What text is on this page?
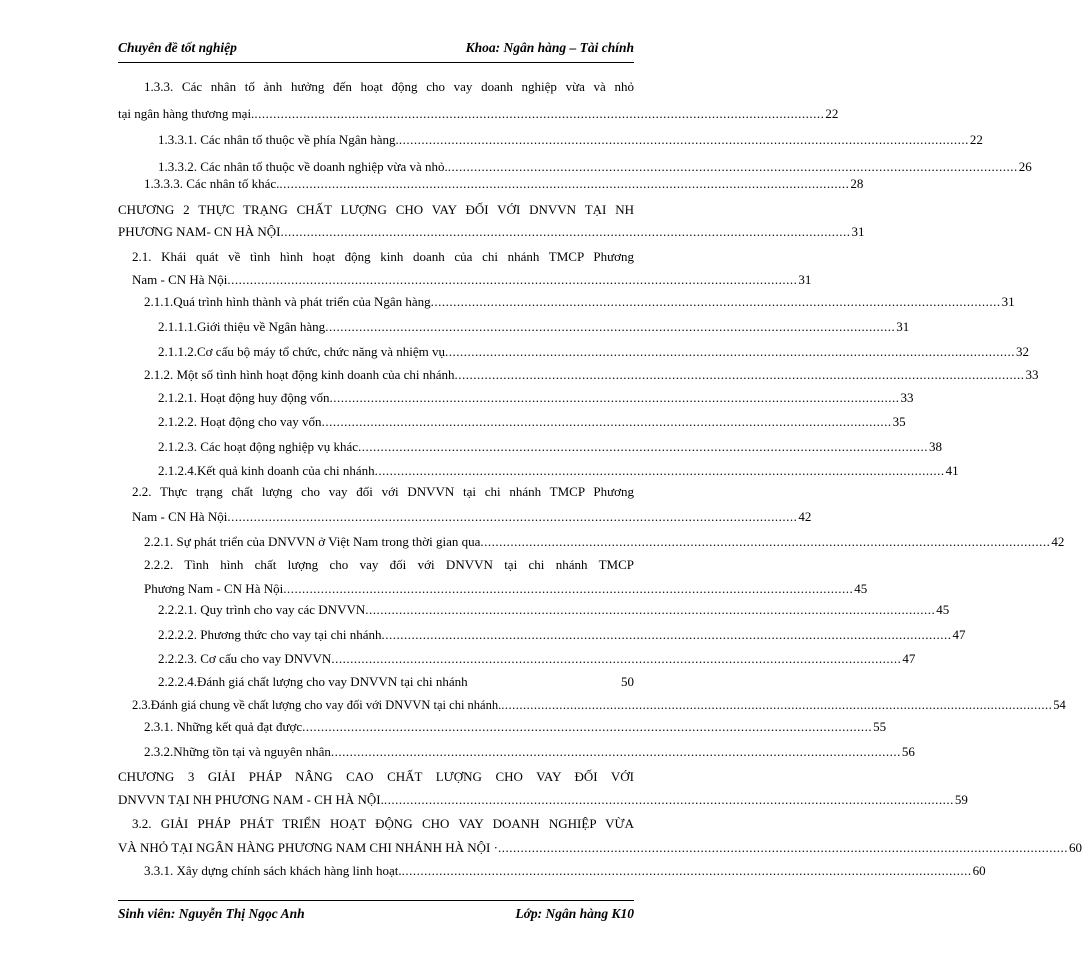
Chuyên đề tốt nghiệp	Khoa: Ngân hàng – Tài chính
1.3.3. Các nhân tố ảnh hưởng đến hoạt động cho vay doanh nghiệp vừa và nhỏ
tại ngân hàng thương mại. ........................................................................................................................................................ 22
1.3.3.1. Các nhân tố thuộc về phía Ngân hàng. ........................................................................................................................................................ 22
1.3.3.2. Các nhân tố thuộc về doanh nghiệp vừa và nhỏ. ........................................................................................................................................................ 26
1.3.3.3. Các nhân tố khác. ........................................................................................................................................................ 28
CHƯƠNG 2 THỰC TRẠNG CHẤT LƯỢNG CHO VAY ĐỐI VỚI DNVVN TẠI NH
PHƯƠNG NAM- CN HÀ NỘI ........................................................................................................................................................ 31
2.1. Khái quát về tình hình hoạt động kinh doanh của chi nhánh TMCP Phương
Nam - CN Hà Nội ........................................................................................................................................................ 31
2.1.1.Quá trình hình thành và phát triển của Ngân hàng ........................................................................................................................................................ 31
2.1.1.1.Giới thiệu về Ngân hàng ........................................................................................................................................................ 31
2.1.1.2.Cơ cấu bộ máy tổ chức, chức năng và nhiệm vụ ........................................................................................................................................................ 32
2.1.2. Một số tình hình hoạt động kinh doanh của chi nhánh ........................................................................................................................................................ 33
2.1.2.1. Hoạt động huy động vốn ........................................................................................................................................................ 33
2.1.2.2. Hoạt động cho vay vốn ........................................................................................................................................................ 35
2.1.2.3. Các hoạt động nghiệp vụ khác ........................................................................................................................................................ 38
2.1.2.4.Kết quả kinh doanh của chi nhánh ........................................................................................................................................................ 41
2.2. Thực trạng chất lượng cho vay đối với DNVVN tại chi nhánh TMCP Phương
Nam - CN Hà Nội ........................................................................................................................................................ 42
2.2.1. Sự phát triển của DNVVN ở Việt Nam trong thời gian qua ........................................................................................................................................................ 42
2.2.2. Tình hình chất lượng cho vay đối với DNVVN tại chi nhánh TMCP
Phương Nam - CN Hà Nội ........................................................................................................................................................ 45
2.2.2.1. Quy trình cho vay các DNVVN ........................................................................................................................................................ 45
2.2.2.2. Phương thức cho vay tại chi nhánh ........................................................................................................................................................ 47
2.2.2.3. Cơ cấu cho vay DNVVN ........................................................................................................................................................ 47
2.2.2.4.Đánh giá chất lượng cho vay DNVVN tại chi nhánh	50
2.3.Đánh giá chung về chất lượng cho vay đối với DNVVN tại chi nhánh. ........................................................................................................................................................ 54
2.3.1. Những kết quả đạt được ........................................................................................................................................................ 55
2.3.2.Những tồn tại và nguyên nhân ........................................................................................................................................................ 56
CHƯƠNG 3 GIẢI PHÁP NÂNG CAO CHẤT LƯỢNG CHO VAY ĐỐI VỚI
DNVVN TẠI NH PHƯƠNG NAM - CH HÀ NỘI. ........................................................................................................................................................ 59
3.2. GIẢI PHÁP PHÁT TRIỂN HOẠT ĐỘNG CHO VAY DOANH NGHIỆP VỪA
VÀ NHỎ TẠI NGÂN HÀNG PHƯƠNG NAM CHI NHÁNH HÀ NỘI · ........................................................................................................................................................ 60
3.3.1. Xây dựng chính sách khách hàng linh hoạt. ........................................................................................................................................................ 60
Sinh viên: Nguyễn Thị Ngọc Anh	Lớp: Ngân hàng K10
